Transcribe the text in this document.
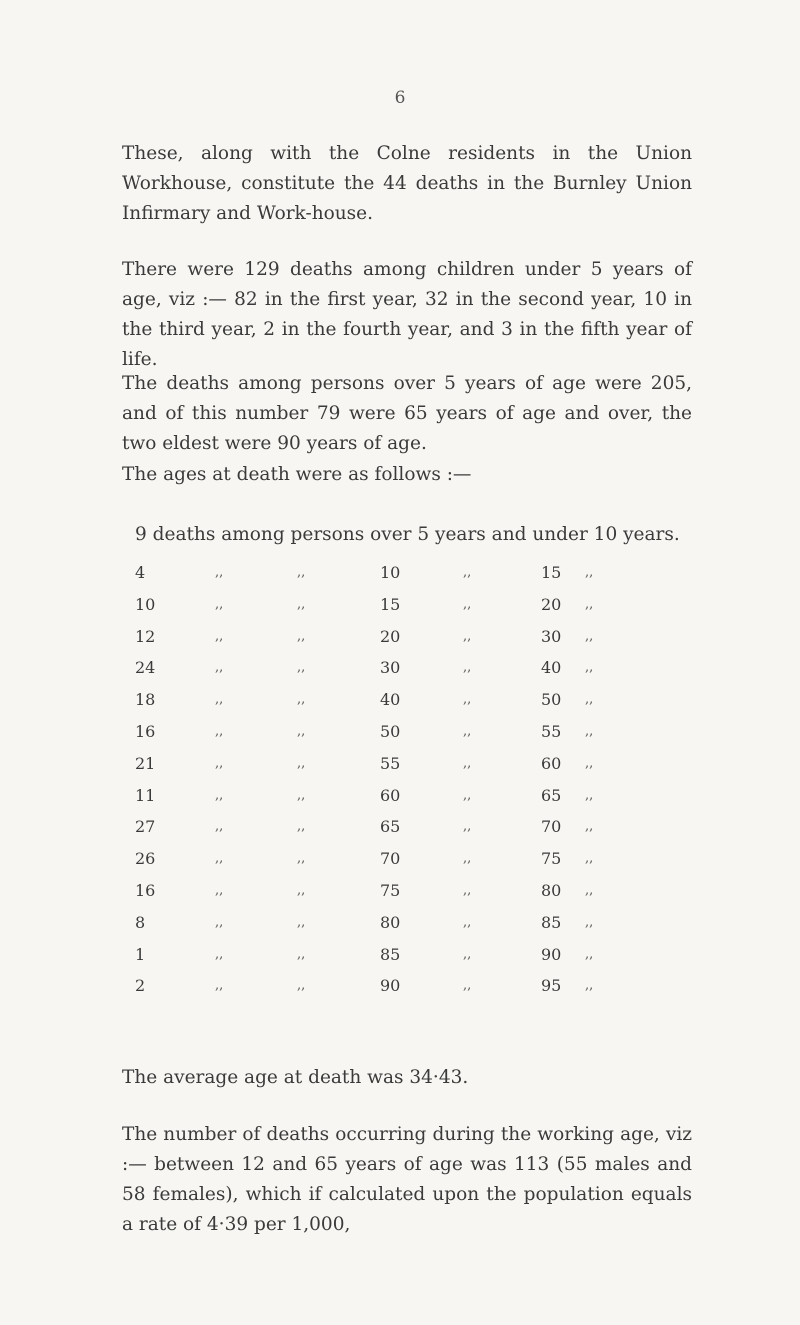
6

These, along with the Colne residents in the Union Workhouse, constitute the 44 deaths in the Burnley Union Infirmary and Work-house.

There were 129 deaths among children under 5 years of age, viz :— 82 in the first year, 32 in the second year, 10 in the third year, 2 in the fourth year, and 3 in the fifth year of life.

The deaths among persons over 5 years of age were 205, and of this number 79 were 65 years of age and over, the two eldest were 90 years of age.

The ages at death were as follows :—

9 deaths among persons over 5 years and under 10 years.
4	,,	,,	10	,,	15 ,,
10	,,	,,	15	,,	20 ,,
12	,,	,,	20	,,	30 ,,
24	,,	,,	30	,,	40 ,,
18	,,	,,	40	,,	50 ,,
16	,,	,,	50	,,	55 ,,
21	,,	,,	55	,,	60 ,,
11	,,	,,	60	,,	65 ,,
27	,,	,,	65	,,	70 ,,
26	,,	,,	70	,,	75 ,,
16	,,	,,	75	,,	80 ,,
8	,,	,,	80	,,	85 ,,
1	,,	,,	85	,,	90 ,,
2	,,	,,	90	,,	95 ,,

The average age at death was 34·43.

The number of deaths occurring during the working age, viz :— between 12 and 65 years of age was 113 (55 males and 58 females), which if calculated upon the population equals a rate of 4·39 per 1,000,
